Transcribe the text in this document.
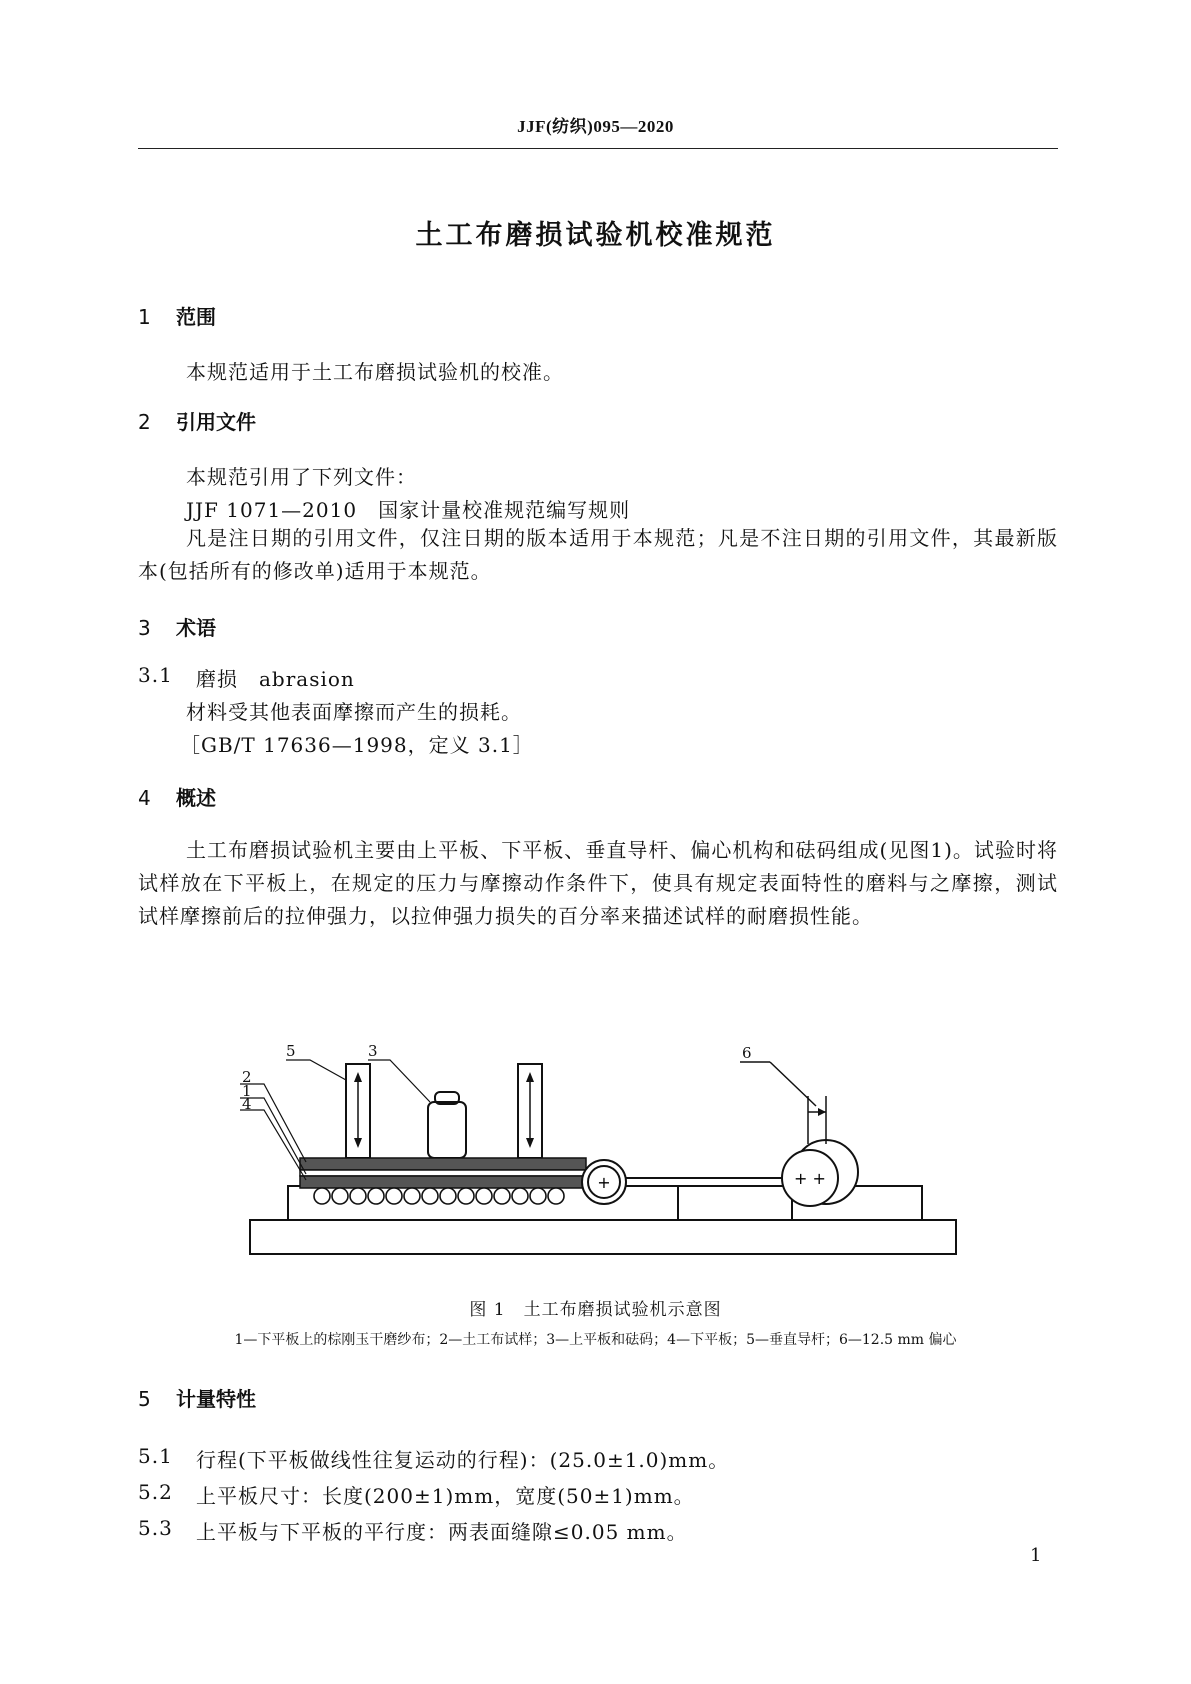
JJF(纺织)095—2020
土工布磨损试验机校准规范
1 范围
本规范适用于土工布磨损试验机的校准。
2 引用文件
本规范引用了下列文件：
JJF 1071—2010　国家计量校准规范编写规则
凡是注日期的引用文件，仅注日期的版本适用于本规范；凡是不注日期的引用文件，其最新版本(包括所有的修改单)适用于本规范。
3 术语
3.1 磨损　abrasion
材料受其他表面摩擦而产生的损耗。
［GB/T 17636—1998，定义 3.1］
4 概述
土工布磨损试验机主要由上平板、下平板、垂直导杆、偏心机构和砝码组成(见图1)。试验时将试样放在下平板上，在规定的压力与摩擦动作条件下，使具有规定表面特性的磨料与之摩擦，测试试样摩擦前后的拉伸强力，以拉伸强力损失的百分率来描述试样的耐磨损性能。
+	+ +
5	3
2
1
4
6
图 1　土工布磨损试验机示意图
1—下平板上的棕刚玉干磨纱布；2—土工布试样；3—上平板和砝码；4—下平板；5—垂直导杆；6—12.5 mm 偏心
5 计量特性
5.1 行程(下平板做线性往复运动的行程)：(25.0±1.0)mm。
5.2 上平板尺寸：长度(200±1)mm，宽度(50±1)mm。
5.3 上平板与下平板的平行度：两表面缝隙≤0.05 mm。
1
